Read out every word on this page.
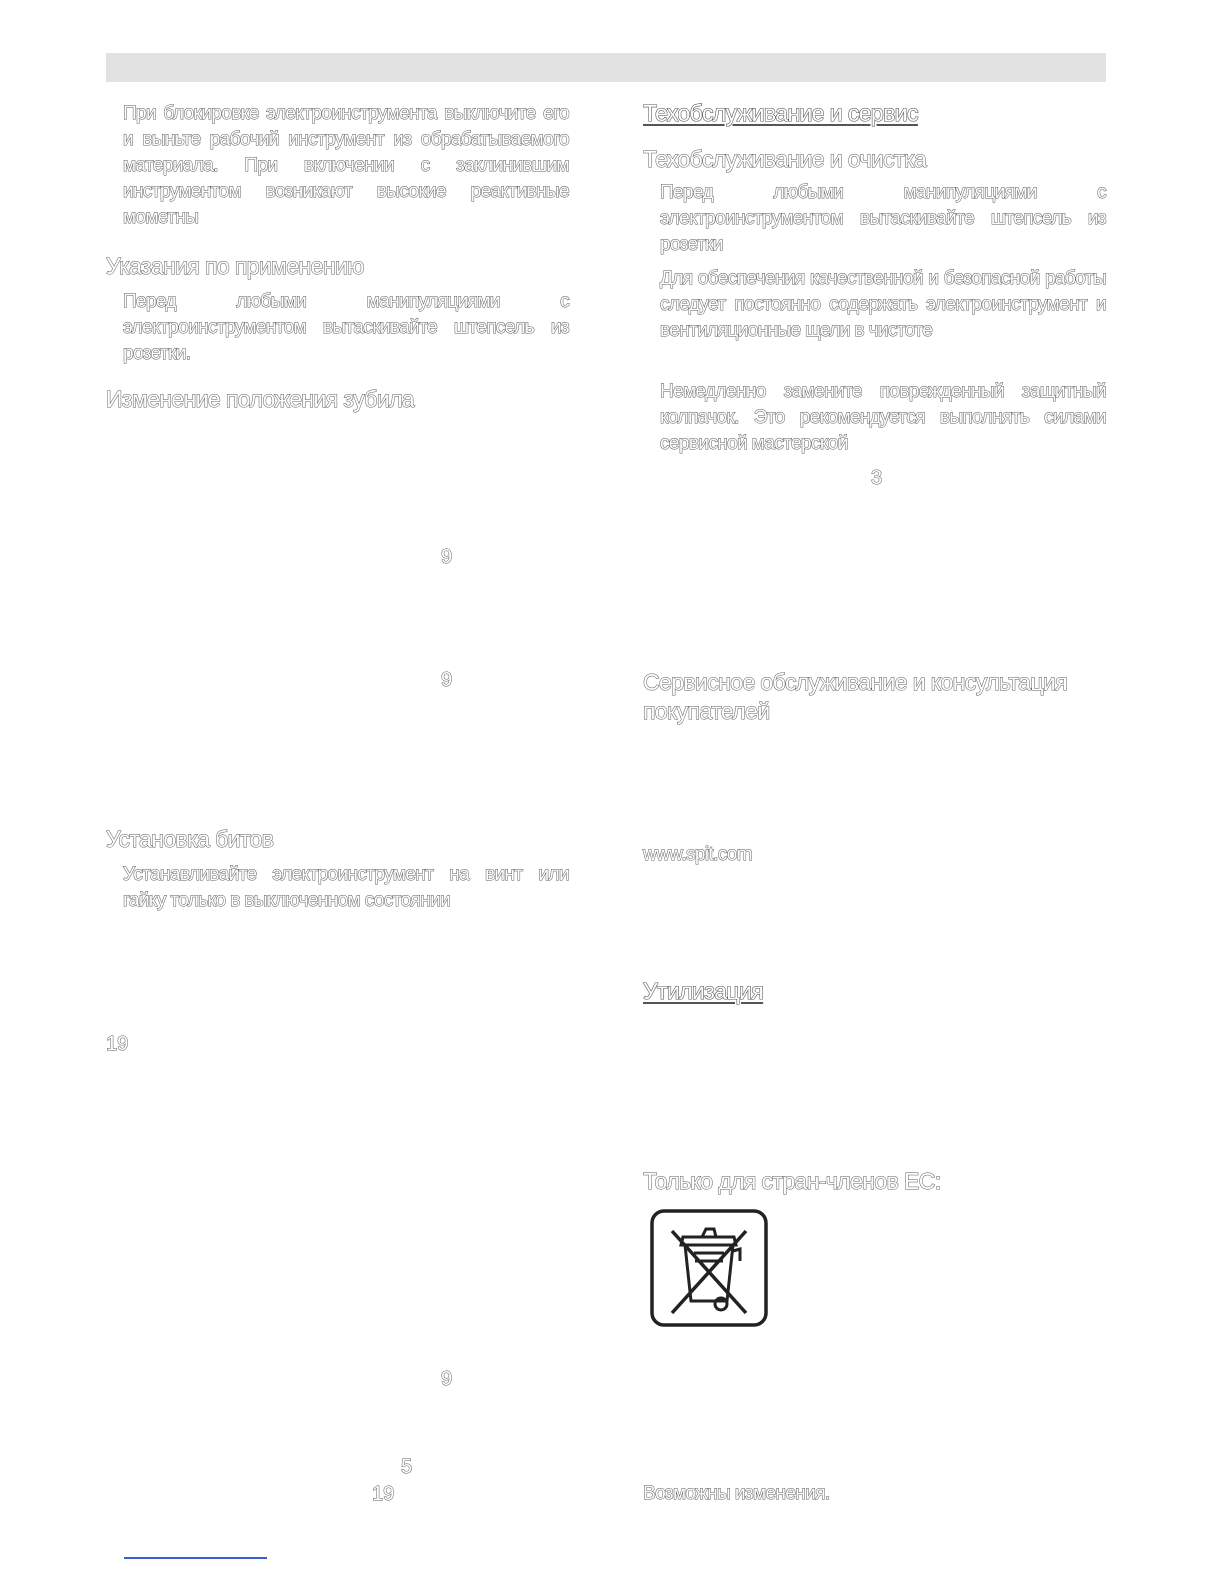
При блокировке электроинструмента выключите его и выньте рабочий инструмент из обрабатываемого материала. При включении с заклинившим инструментом возникают высокие реактивные мометны
Указания по применению
Перед любыми манипуляциями с электроинструментом вытаскивайте штепсель из розетки.
Изменение положения зубила
9
9
Установка битов
Устанавливайте электроинструмент на винт или гайку только в выключенном состоянии
19
9
5
19
Техобслуживание и сервис
Техобслуживание и очистка
Перед любыми манипуляциями с электроинструментом вытаскивайте штепсель из розетки
Для обеспечения качественной и безопасной работы следует постоянно содержать электроинструмент и вентиляционные щели в чистоте
Немедленно замените поврежденный защитный колпачок. Это рекомендуется выполнять силами сервисной мастерской
3
Сервисное обслуживание и консультация покупателей
www.spit.com
Утилизация
Только для стран-членов ЕС:
Возможны изменения.
